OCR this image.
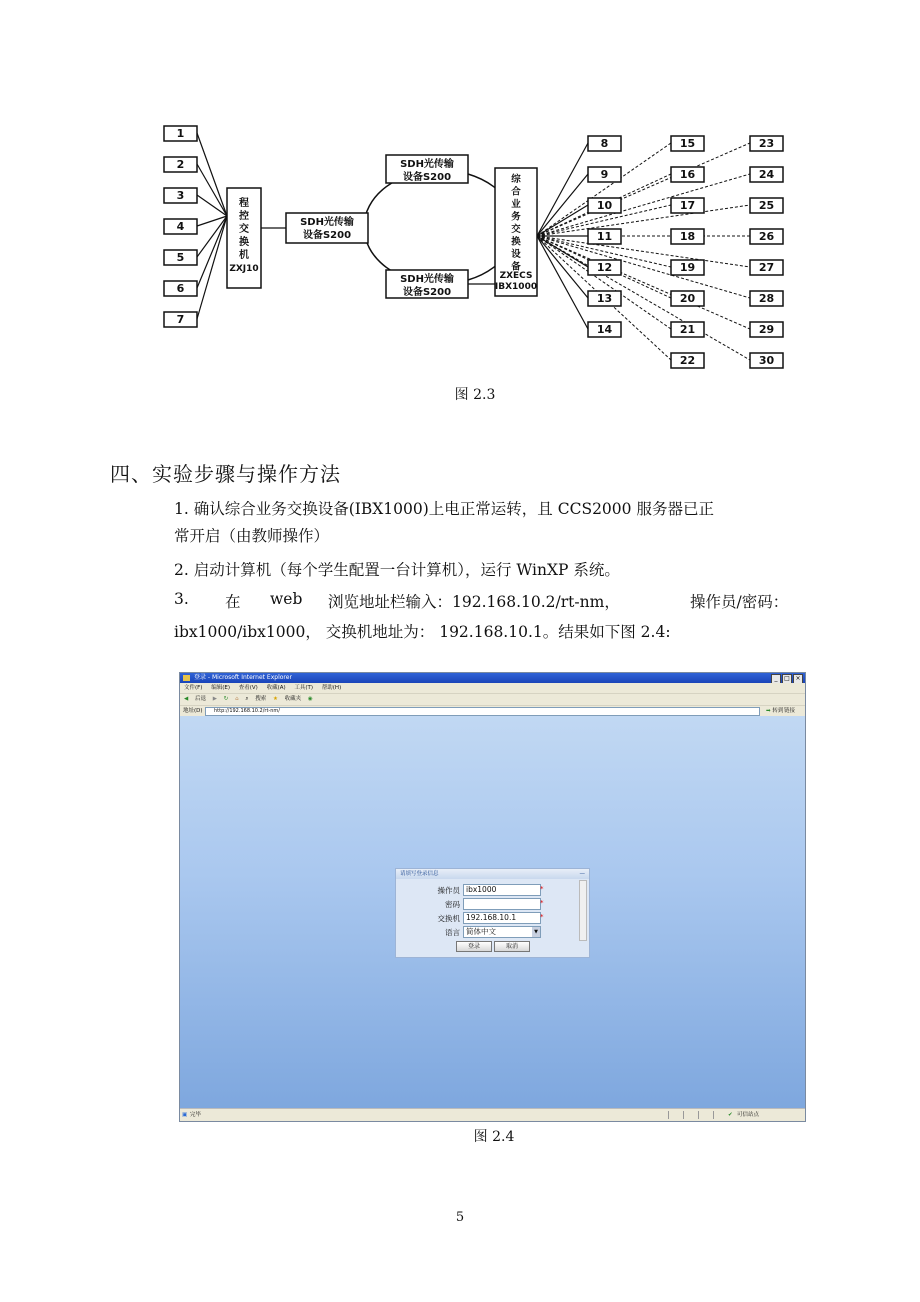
1
2
3
4
5
6
7
程
控
交
换
机
ZXJ10
SDH光传输
设备S200
SDH光传输
设备S200
SDH光传输
设备S200
综
合
业
务
交
换
设
备
ZXECS
IBX1000
8
9
10
11
12
13
14
15
16
17
18
19
20
21
22
23
24
25
26
27
28
29
30
图 2.3
四、实验步骤与操作方法
1. 确认综合业务交换设备(IBX1000)上电正常运转，且 CCS2000 服务器已正
常开启（由教师操作）
2. 启动计算机（每个学生配置一台计算机），运行 WinXP 系统。
3. 在 web 浏览地址栏输入：192.168.10.2/rt-nm，	操作员/密码：
ibx1000/ibx1000， 交换机地址为： 192.168.10.1。结果如下图 2.4:
登录 - Microsoft Internet Explorer	_ □ ×
文件(F) 编辑(E) 查看(V) 收藏(A) 工具(T) 帮助(H)
◀ 后退 ▶ ↻ ⌂ ⌕ 搜索 ★ 收藏夹 ◉
地址(D)	http://192.168.10.2/rt-nm/	➡ 转到 链接
请填写登录信息	—
操作员 ibx1000	*
密码	*
交换机 192.168.10.1	*
语言 简体中文	▼
登录	取消
▣ 完毕	✔ 可信站点
图 2.4
5
